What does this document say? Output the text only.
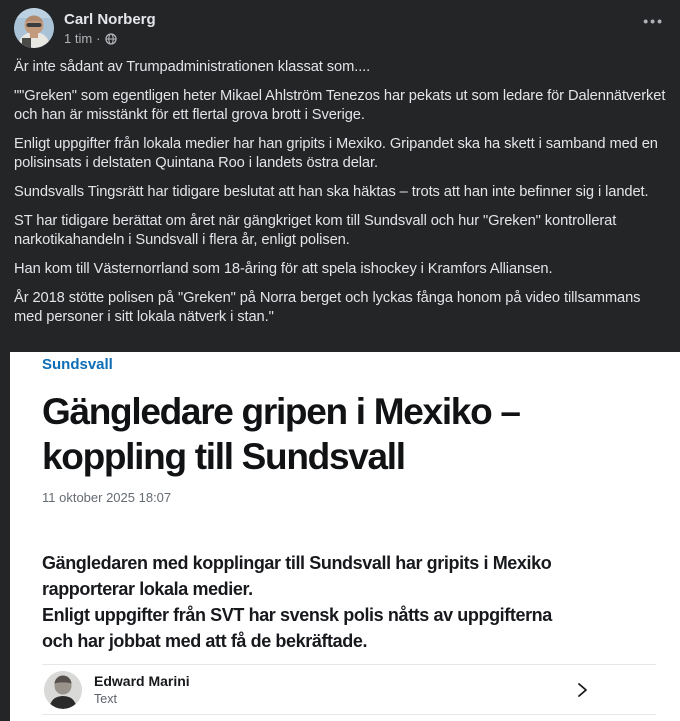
Carl Norberg
1 tim ·
•••

Är inte sådant av Trumpadministrationen klassat som....

""Greken" som egentligen heter Mikael Ahlström Tenezos har pekats ut som ledare för Dalennätverket och han är misstänkt för ett flertal grova brott i Sverige.

Enligt uppgifter från lokala medier har han gripits i Mexiko. Gripandet ska ha skett i samband med en polisinsats i delstaten Quintana Roo i landets östra delar.

Sundsvalls Tingsrätt har tidigare beslutat att han ska häktas – trots att han inte befinner sig i landet.

ST har tidigare berättat om året när gängkriget kom till Sundsvall och hur "Greken" kontrollerat narkotikahandeln i Sundsvall i flera år, enligt polisen.

Han kom till Västernorrland som 18-åring för att spela ishockey i Kramfors Alliansen.

År 2018 stötte polisen på "Greken" på Norra berget och lyckas fånga honom på video tillsammans med personer i sitt lokala nätverk i stan."

Sundsvall
Gängledare gripen i Mexiko – koppling till Sundsvall
11 oktober 2025 18:07
Gängledaren med kopplingar till Sundsvall har gripits i Mexiko rapporterar lokala medier.
Enligt uppgifter från SVT har svensk polis nåtts av uppgifterna och har jobbat med att få de bekräftade.
Edward Marini
Text
